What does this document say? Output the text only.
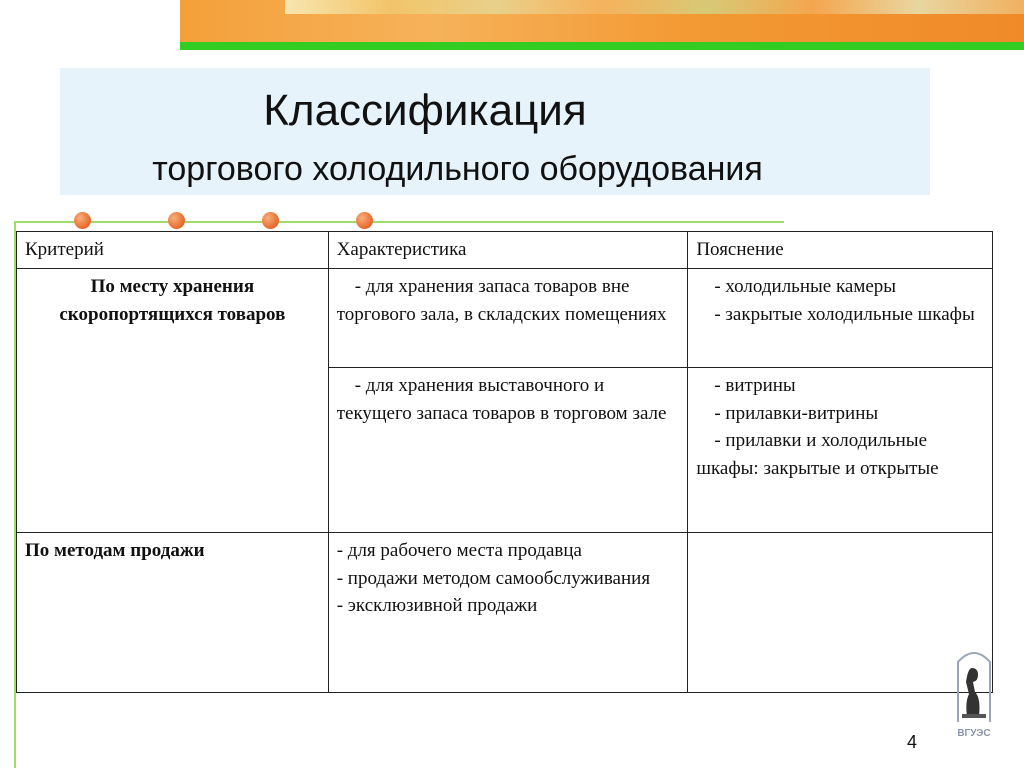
Классификация
торгового холодильного оборудования
Критерий	Характеристика	Пояснение
По месту хранения скоропортящихся товаров	- для хранения запаса товаров вне торгового зала, в складских помещениях	- холодильные камеры
- закрытые холодильные шкафы

	- для хранения выставочного и текущего запаса товаров в торговом зале	- витрины
- прилавки-витрины
- прилавки и холодильные шкафы: закрытые и открытые

По методам продажи	- для рабочего места продавца
- продажи методом самообслуживания
- эксклюзивной продажи	

4	ВГУЭС
